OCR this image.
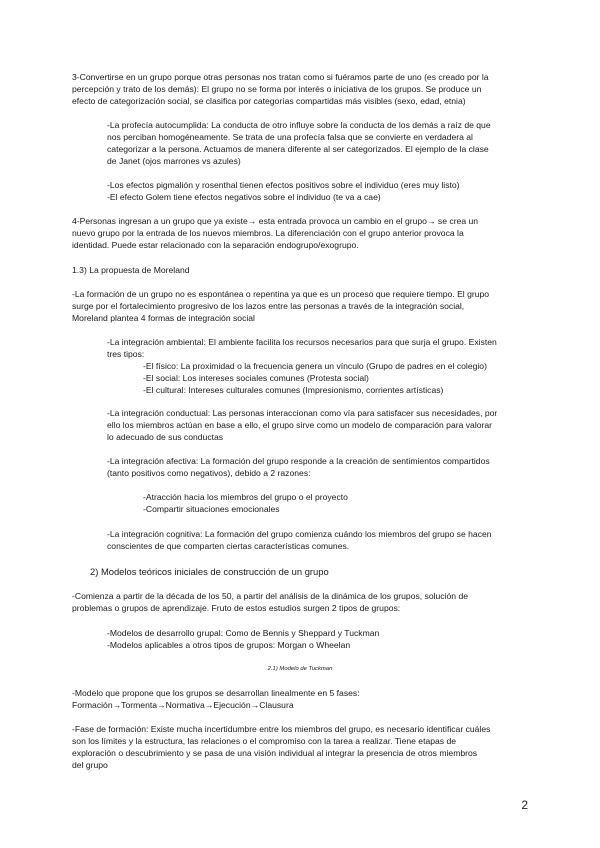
3-Convertirse en un grupo porque otras personas nos tratan como si fuéramos parte de uno (es creado por la

percepción y trato de los demás): El grupo no se forma por interés o iniciativa de los grupos. Se produce un

efecto de categorización social, se clasifica por categorías compartidas más visibles (sexo, edad, etnia)

-La profecía autocumplida: La conducta de otro influye sobre la conducta de los demás a raíz de que

nos perciban homogéneamente. Se trata de una profecía falsa que se convierte en verdadera al

categorizar a la persona. Actuamos de manera diferente al ser categorizados. El ejemplo de la clase

de Janet (ojos marrones vs azules)

-Los efectos pigmalión y rosenthal tienen efectos positivos sobre el individuo (eres muy listo)

-El efecto Golem tiene efectos negativos sobre el individuo (te va a cae)

4-Personas ingresan a un grupo que ya existe→ esta entrada provoca un cambio en el grupo→ se crea un

nuevo grupo por la entrada de los nuevos miembros. La diferenciación con el grupo anterior provoca la

identidad. Puede estar relacionado con la separación endogrupo/exogrupo.

1.3) La propuesta de Moreland

-La formación de un grupo no es espontánea o repentina ya que es un proceso que requiere tiempo. El grupo

surge por el fortalecimiento progresivo de los lazos entre las personas a través de la integración social,

Moreland plantea 4 formas de integración social

-La integración ambiental: El ambiente facilita los recursos necesarios para que surja el grupo. Existen

tres tipos:

-El físico: La proximidad o la frecuencia genera un vínculo (Grupo de padres en el colegio)

-El social: Los intereses sociales comunes (Protesta social)

-El cultural: Intereses culturales comunes (Impresionismo, corrientes artísticas)

-La integración conductual: Las personas interaccionan como vía para satisfacer sus necesidades, por

ello los miembros actúan en base a ello, el grupo sirve como un modelo de comparación para valorar

lo adecuado de sus conductas

-La integración afectiva: La formación del grupo responde a la creación de sentimientos compartidos

(tanto positivos como negativos), debido a 2 razones:

-Atracción hacia los miembros del grupo o el proyecto

-Compartir situaciones emocionales

-La integración cognitiva: La formación del grupo comienza cuándo los miembros del grupo se hacen

conscientes de que comparten ciertas características comunes.

2) Modelos teóricos iniciales de construcción de un grupo

-Comienza a partir de la década de los 50, a partir del análisis de la dinámica de los grupos, solución de

problemas o grupos de aprendizaje. Fruto de estos estudios surgen 2 tipos de grupos:

-Modelos de desarrollo grupal: Como de Bennis y Sheppard y Tuckman

-Modelos aplicables a otros tipos de grupos: Morgan o Wheelan

2.1) Modelo de Tuckman

-Modelo que propone que los grupos se desarrollan linealmente en 5 fases:

Formación→Tormenta→Normativa→Ejecución→Clausura

-Fase de formación: Existe mucha incertidumbre entre los miembros del grupo, es necesario identificar cuáles

son los límites y la estructura, las relaciones o el compromiso con la tarea a realizar. Tiene etapas de

exploración o descubrimiento y se pasa de una visión individual al integrar la presencia de otros miembros

del grupo

2
